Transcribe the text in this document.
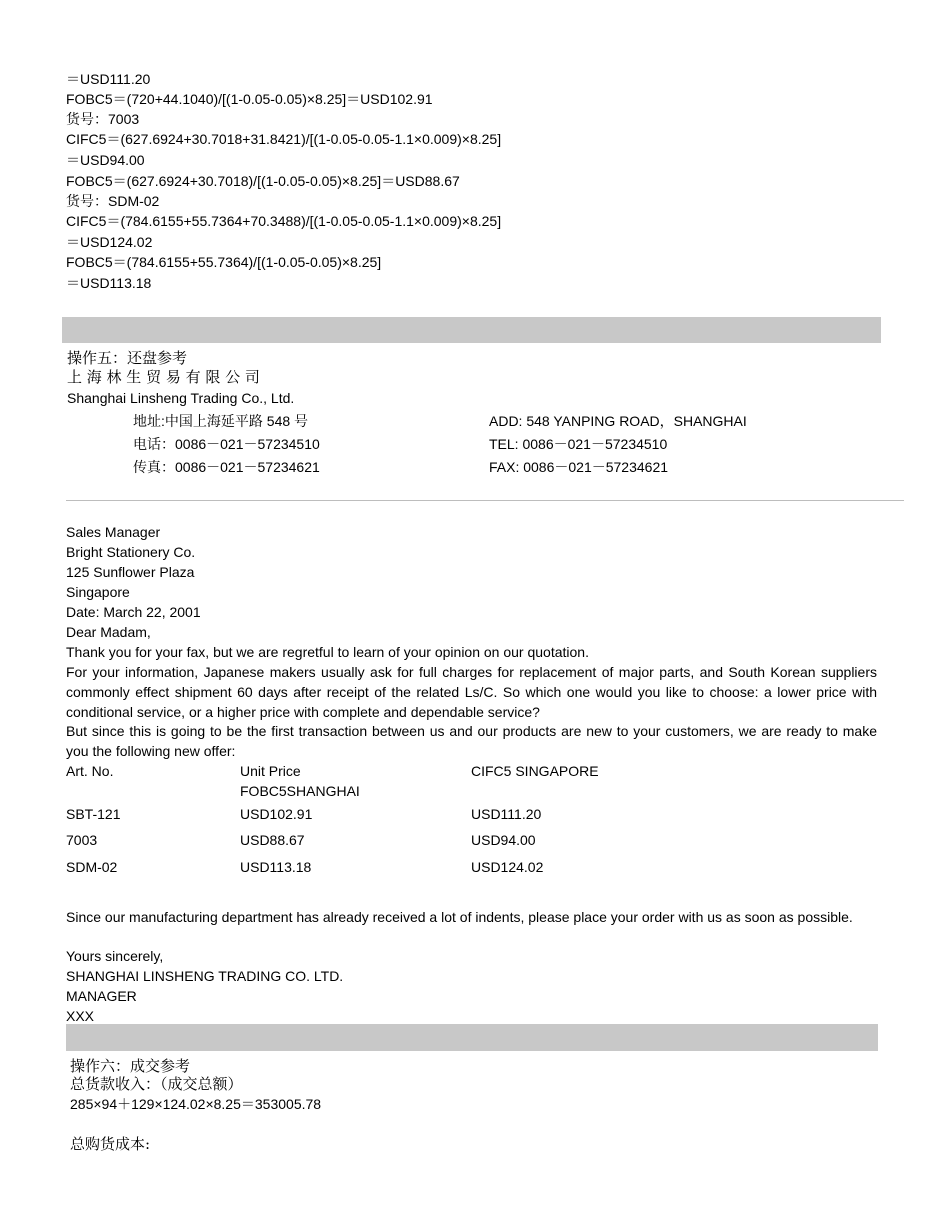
＝USD111.20
FOBC5＝(720+44.1040)/[(1-0.05-0.05)×8.25]＝USD102.91
货号：7003
CIFC5＝(627.6924+30.7018+31.8421)/[(1-0.05-0.05-1.1×0.009)×8.25]
＝USD94.00
FOBC5＝(627.6924+30.7018)/[(1-0.05-0.05)×8.25]＝USD88.67
货号：SDM-02
CIFC5＝(784.6155+55.7364+70.3488)/[(1-0.05-0.05-1.1×0.009)×8.25]
＝USD124.02
FOBC5＝(784.6155+55.7364)/[(1-0.05-0.05)×8.25]
＝USD113.18
操作五：还盘参考
上 海 林 生 贸 易 有 限 公 司
Shanghai Linsheng Trading Co., Ltd.
地址:中国上海延平路 548 号
电话：0086－021－57234510
传真：0086－021－57234621
ADD: 548 YANPING ROAD，SHANGHAI
TEL: 0086－021－57234510
FAX: 0086－021－57234621
Sales Manager
Bright Stationery Co.
125 Sunflower Plaza
Singapore
Date: March 22, 2001
Dear Madam,
Thank you for your fax, but we are regretful to learn of your opinion on our quotation.
For your information, Japanese makers usually ask for full charges for replacement of major parts, and South Korean suppliers commonly effect shipment 60 days after receipt of the related Ls/C. So which one would you like to choose: a lower price with conditional service, or a higher price with complete and dependable service?
But since this is going to be the first transaction between us and our products are new to your customers, we are ready to make you the following new offer:
Art. No.	Unit Price	CIFC5 SINGAPORE
FOBC5SHANGHAI
SBT-121	USD102.91	USD111.20
7003	USD88.67	USD94.00
SDM-02	USD113.18	USD124.02
Since our manufacturing department has already received a lot of indents, please place your order with us as soon as possible.
Yours sincerely,
SHANGHAI LINSHENG TRADING CO. LTD.
MANAGER
XXX
操作六：成交参考
总货款收入：（成交总额）
285×94＋129×124.02×8.25＝353005.78
总购货成本:
